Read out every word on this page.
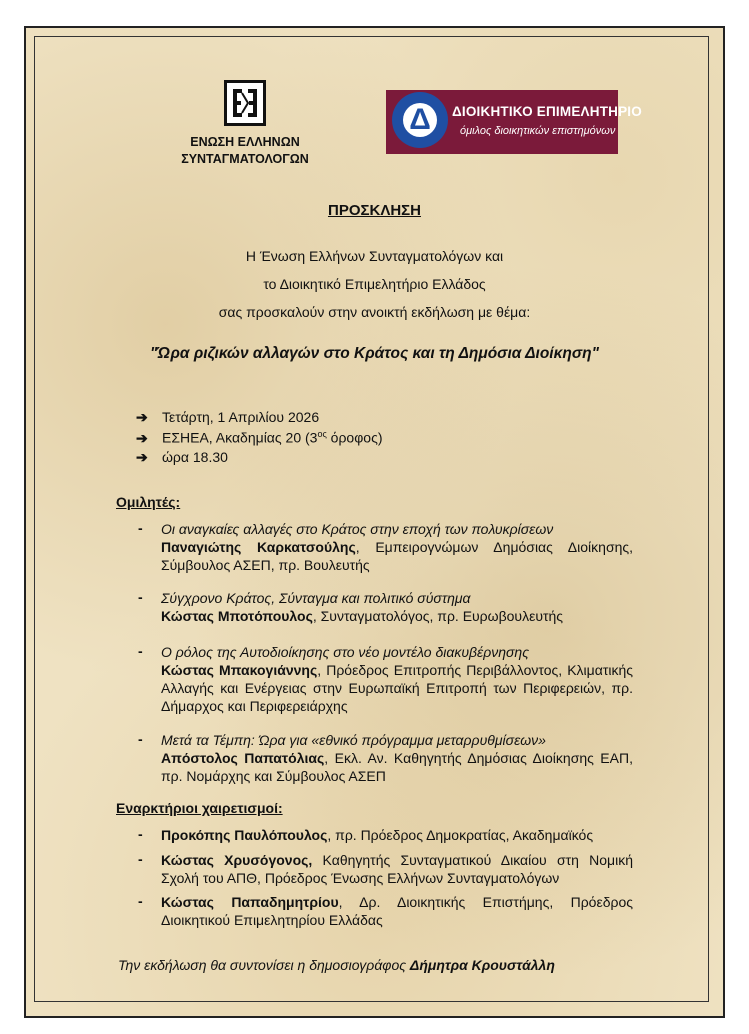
ΕΝΩΣΗ ΕΛΛΗΝΩΝ
ΣΥΝΤΑΓΜΑΤΟΛΟΓΩΝ
Δ	ΔΙΟΙΚΗΤΙΚΟ ΕΠΙΜΕΛΗΤΗΡΙΟ
όμιλος διοικητικών επιστημόνων
ΠΡΟΣΚΛΗΣΗ
Η Ένωση Ελλήνων Συνταγματολόγων και
το Διοικητικό Επιμελητήριο Ελλάδος
σας προσκαλούν στην ανοικτή εκδήλωση με θέμα:
"Ώρα ριζικών αλλαγών στο Κράτος και τη Δημόσια Διοίκηση"
➔ Τετάρτη, 1 Απριλίου 2026
➔ ΕΣΗΕΑ, Ακαδημίας 20 ($3^{o\varsigma}$ όροφος)
➔ ώρα 18.30
Ομιλητές:
- Οι αναγκαίες αλλαγές στο Κράτος στην εποχή των πολυκρίσεων
Παναγιώτης Καρκατσούλης, Εμπειρογνώμων Δημόσιας Διοίκησης, Σύμβουλος ΑΣΕΠ, πρ. Βουλευτής
- Σύγχρονο Κράτος, Σύνταγμα και πολιτικό σύστημα
Κώστας Μποτόπουλος, Συνταγματολόγος, πρ. Ευρωβουλευτής
- Ο ρόλος της Αυτοδιοίκησης στο νέο μοντέλο διακυβέρνησης
Κώστας Μπακογιάννης, Πρόεδρος Επιτροπής Περιβάλλοντος, Κλιματικής Αλλαγής και Ενέργειας στην Ευρωπαϊκή Επιτροπή των Περιφερειών, πρ. Δήμαρχος και Περιφερειάρχης
- Μετά τα Τέμπη: Ώρα για «εθνικό πρόγραμμα μεταρρυθμίσεων»
Απόστολος Παπατόλιας, Εκλ. Αν. Καθηγητής Δημόσιας Διοίκησης ΕΑΠ, πρ. Νομάρχης και Σύμβουλος ΑΣΕΠ
Εναρκτήριοι χαιρετισμοί:
- Προκόπης Παυλόπουλος, πρ. Πρόεδρος Δημοκρατίας, Ακαδημαϊκός
- Κώστας Χρυσόγονος, Καθηγητής Συνταγματικού Δικαίου στη Νομική Σχολή του ΑΠΘ, Πρόεδρος Ένωσης Ελλήνων Συνταγματολόγων
- Κώστας Παπαδημητρίου, Δρ. Διοικητικής Επιστήμης, Πρόεδρος Διοικητικού Επιμελητηρίου Ελλάδας
Την εκδήλωση θα συντονίσει η δημοσιογράφος Δήμητρα Κρουστάλλη
